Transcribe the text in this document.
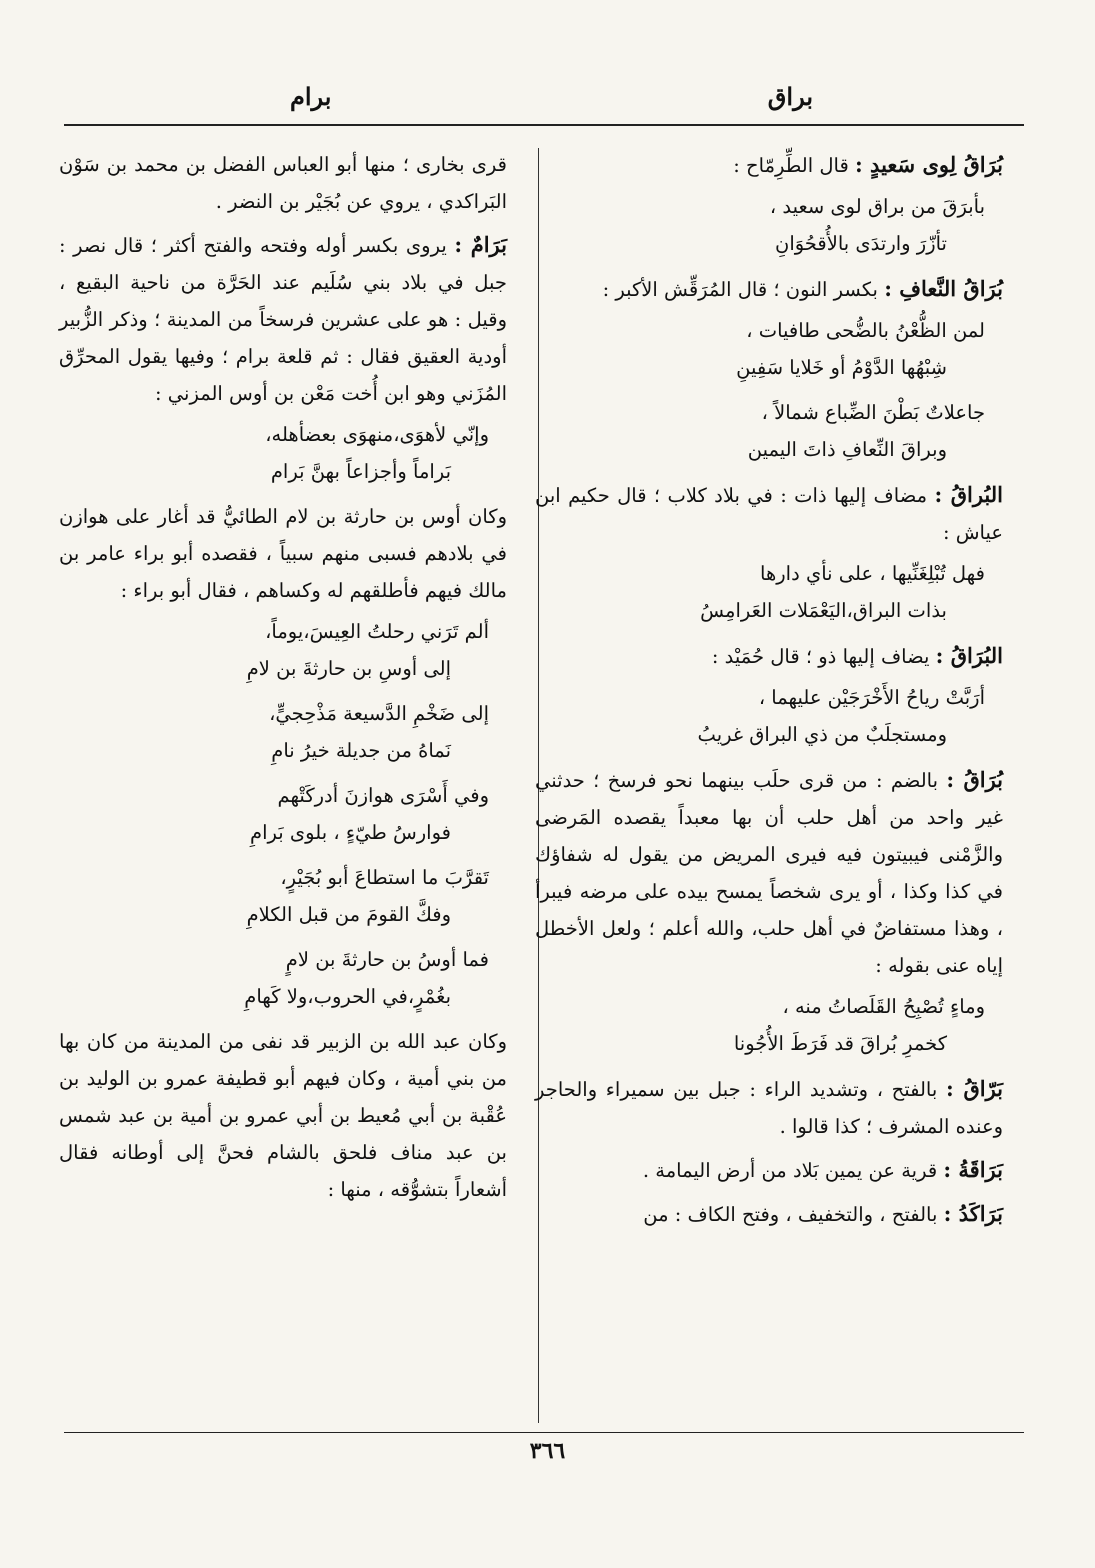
براق
برام
بُرَاقُ لِوى سَعيدٍ : قال الطِّرِمّاح :
بأبرَقَ من براق لوى سعيد ،
تأزّرَ وارتدَى بالأُقحُوَانِ
بُرَاقُ النَّعافِ : بكسر النون ؛ قال المُرَقِّش الأكبر :
لمن الظُّعْنُ بالضُّحى طافيات ،
شِبْهُها الدَّوْمُ أو خَلايا سَفِينِ
جاعلاتٌ بَطْنَ الضِّباع شمالاً ،
وبراقَ النِّعافِ ذاتَ اليمين
البُراقُ : مضاف إليها ذات : في بلاد كلاب ؛ قال حكيم ابن عياش :
فهل تُبْلِغَنِّيها ، على نأي دارها
بذات البراق،اليَعْمَلات العَرامِسُ
البُرَاقُ : يضاف إليها ذو ؛ قال حُمَيْد :
أرَبَّتْ رياحُ الأَخْرَجَيْن عليهما ،
ومستجلَبٌ من ذي البراق غريبُ
بُرَاقُ : بالضم : من قرى حلَب بينهما نحو فرسخ ؛ حدثني غير واحد من أهل حلب أن بها معبداً يقصده المَرضى والزَّمْنى فيبيتون فيه فيرى المريض من يقول له شفاؤك في كذا وكذا ، أو يرى شخصاً يمسح بيده على مرضه فيبرأ ، وهذا مستفاضٌ في أهل حلب، والله أعلم ؛ ولعل الأخطل إياه عنى بقوله :
وماءٍ تُصْبِحُ القَلَصاتُ منه ،
كخمرِ بُراقَ قد فَرَطَ الأُجُونا
بَرّاقُ : بالفتح ، وتشديد الراء : جبل بين سميراء والحاجر وعنده المشرف ؛ كذا قالوا .
بَرَاقَةُ : قرية عن يمين بَلاد من أرض اليمامة .
بَرَاكَدُ : بالفتح ، والتخفيف ، وفتح الكاف : من
قرى بخارى ؛ منها أبو العباس الفضل بن محمد بن سَوْن البَراكدي ، يروي عن بُجَيْر بن النضر .
بَرَامٌ : يروى بكسر أوله وفتحه والفتح أكثر ؛ قال نصر : جبل في بلاد بني سُلَيم عند الحَرَّة من ناحية البقيع ، وقيل : هو على عشرين فرسخاً من المدينة ؛ وذكر الزُّبير أودية العقيق فقال : ثم قلعة برام ؛ وفيها يقول المحرِّق المُزَني وهو ابن أُخت مَعْن بن أوس المزني :
وإنّي لأهوَى،منهوَى بعضأهله،
بَراماً وأجزاعاً بهنَّ بَرام
وكان أوس بن حارثة بن لام الطائيُّ قد أغار على هوازن في بلادهم فسبى منهم سبياً ، فقصده أبو براء عامر بن مالك فيهم فأطلقهم له وكساهم ، فقال أبو براء :
ألم تَرَني رحلتُ العِيسَ،يوماً،
إلى أوسِ بن حارثةَ بن لامِ
إلى ضَخْمِ الدَّسيعة مَذْحِجيٍّ،
نَماهُ من جديلة خيرُ نامِ
وفي أَسْرَى هوازنَ أدركَتْهم
فوارسُ طيّءٍ ، بلوى بَرامِ
تَقرَّبَ ما استطاعَ أبو بُجَيْرٍ،
وفكَّ القومَ من قبل الكلامِ
فما أوسُ بن حارثةَ بن لامٍ
بغُمْرٍ،في الحروب،ولا كَهامِ
وكان عبد الله بن الزبير قد نفى من المدينة من كان بها من بني أمية ، وكان فيهم أبو قطيفة عمرو بن الوليد بن عُقْبة بن أبي مُعيط بن أبي عمرو بن أمية بن عبد شمس بن عبد مناف فلحق بالشام فحنَّ إلى أوطانه فقال أشعاراً بتشوُّقه ، منها :
٣٦٦
